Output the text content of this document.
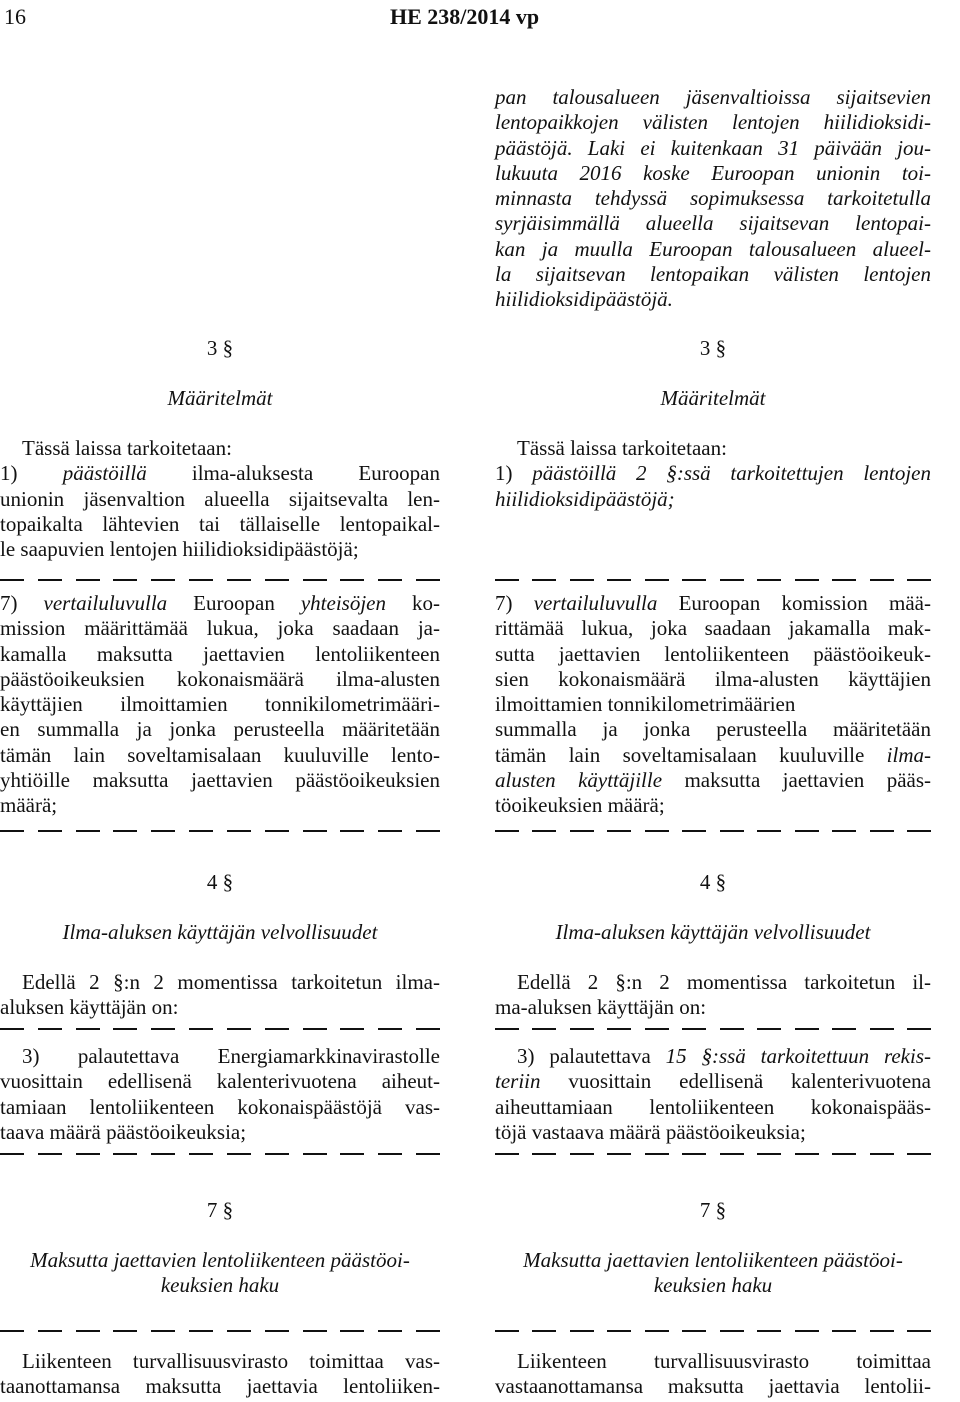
16	HE 238/2014 vp
3 §
Määritelmät
Tässä laissa tarkoitetaan:
1) päästöillä ilma-aluksesta Euroopan
unionin jäsenvaltion alueella sijaitsevalta len-
topaikalta lähtevien tai tällaiselle lentopaikal-
le saapuvien lentojen hiilidioksidipäästöjä;
7) vertailuluvulla Euroopan yhteisöjen ko-
mission määrittämää lukua, joka saadaan ja-
kamalla maksutta jaettavien lentoliikenteen
päästöoikeuksien kokonaismäärä ilma-alusten
käyttäjien ilmoittamien tonnikilometrimääri-
en summalla ja jonka perusteella määritetään
tämän lain soveltamisalaan kuuluville lento-
yhtiöille maksutta jaettavien päästöoikeuksien
määrä;
4 §
Ilma-aluksen käyttäjän velvollisuudet
Edellä 2 §:n 2 momentissa tarkoitetun ilma-
aluksen käyttäjän on:
3) palautettava Energiamarkkinavirastolle
vuosittain edellisenä kalenterivuotena aiheut-
tamiaan lentoliikenteen kokonaispäästöjä vas-
taava määrä päästöoikeuksia;
7 §
Maksutta jaettavien lentoliikenteen päästöoi-
keuksien haku
Liikenteen turvallisuusvirasto toimittaa vas-
taanottamansa maksutta jaettavia lentoliiken-
pan talousalueen jäsenvaltioissa sijaitsevien
lentopaikkojen välisten lentojen hiilidioksidi-
päästöjä. Laki ei kuitenkaan 31 päivään jou-
lukuuta 2016 koske Euroopan unionin toi-
minnasta tehdyssä sopimuksessa tarkoitetulla
syrjäisimmällä alueella sijaitsevan lentopai-
kan ja muulla Euroopan talousalueen alueel-
la sijaitsevan lentopaikan välisten lentojen
hiilidioksidipäästöjä.
3 §
Määritelmät
Tässä laissa tarkoitetaan:
1) päästöillä 2 §:ssä tarkoitettujen lentojen
hiilidioksidipäästöjä;
7) vertailuluvulla Euroopan komission mää-
rittämää lukua, joka saadaan jakamalla mak-
sutta jaettavien lentoliikenteen päästöoikeuk-
sien kokonaismäärä ilma-alusten käyttäjien
ilmoittamien tonnikilometrimäärien
summalla ja jonka perusteella määritetään
tämän lain soveltamisalaan kuuluville ilma-
alusten käyttäjille maksutta jaettavien pääs-
töoikeuksien määrä;
4 §
Ilma-aluksen käyttäjän velvollisuudet
Edellä 2 §:n 2 momentissa tarkoitetun il-
ma-aluksen käyttäjän on:
3) palautettava 15 §:ssä tarkoitettuun rekis-
teriin vuosittain edellisenä kalenterivuotena
aiheuttamiaan lentoliikenteen kokonaispääs-
töjä vastaava määrä päästöoikeuksia;
7 §
Maksutta jaettavien lentoliikenteen päästöoi-
keuksien haku
Liikenteen turvallisuusvirasto toimittaa
vastaanottamansa maksutta jaettavia lentolii-
